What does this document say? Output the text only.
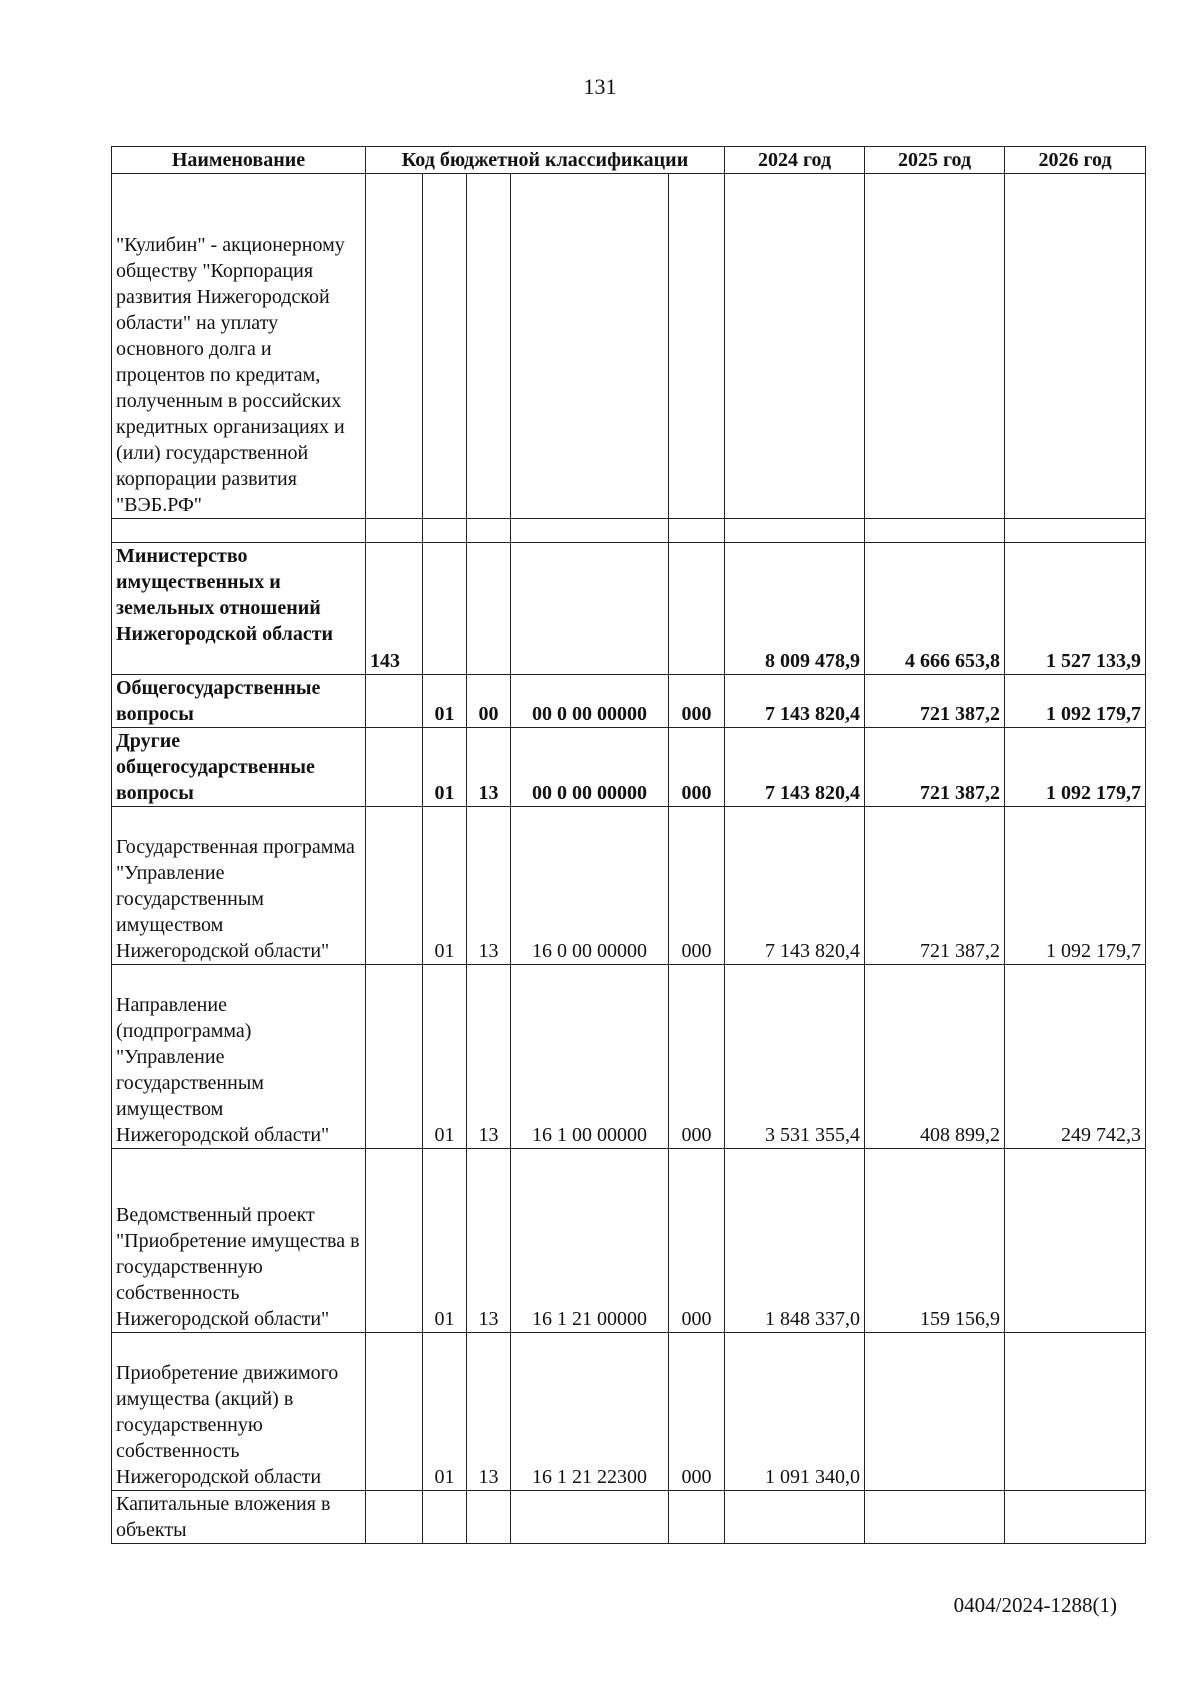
131
Наименование	Код бюджетной классификации					2024 год	2025 год	2026 год
"Кулибин" - акционерному обществу "Корпорация развития Нижегородской области" на уплату основного долга и процентов по кредитам, полученным в российских кредитных организациях и (или) государственной корпорации развития "ВЭБ.РФ"								

Министерство имущественных и земельных отношений Нижегородской области	143					8 009 478,9	4 666 653,8	1 527 133,9
Общегосударственные вопросы		01	00	00 0 00 00000	000	7 143 820,4	721 387,2	1 092 179,7
Другие общегосударственные вопросы		01	13	00 0 00 00000	000	7 143 820,4	721 387,2	1 092 179,7
Государственная программа "Управление государственным имуществом Нижегородской области"		01	13	16 0 00 00000	000	7 143 820,4	721 387,2	1 092 179,7
Направление (подпрограмма) "Управление государственным имуществом Нижегородской области"		01	13	16 1 00 00000	000	3 531 355,4	408 899,2	249 742,3
Ведомственный проект "Приобретение имущества в государственную собственность Нижегородской области"		01	13	16 1 21 00000	000	1 848 337,0	159 156,9	
Приобретение движимого имущества (акций) в государственную собственность Нижегородской области		01	13	16 1 21 22300	000	1 091 340,0		
Капитальные вложения в объекты								
0404/2024-1288(1)
